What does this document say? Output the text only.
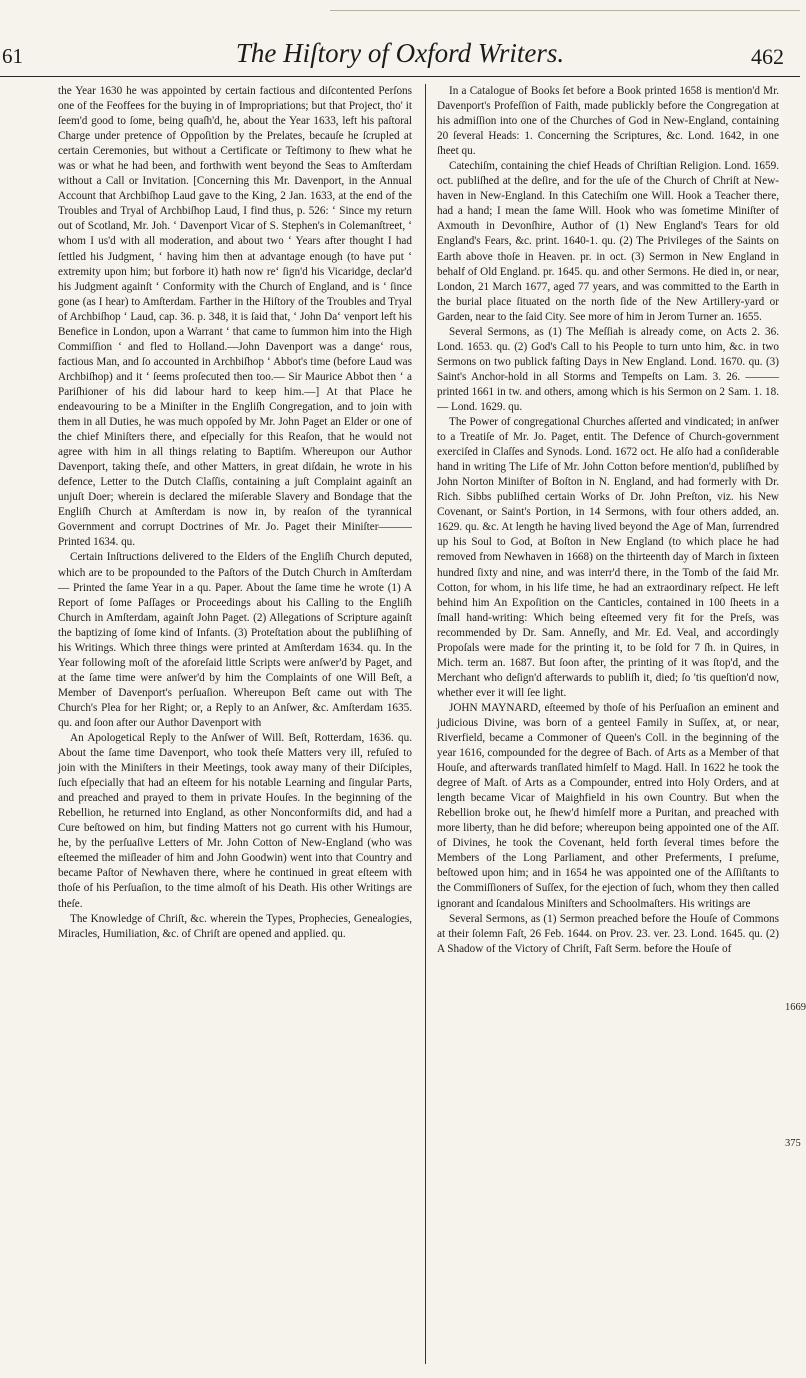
61	The Hiſtory of Oxford Writers.	462

the Year 1630 he was appointed by certain factious and diſcontented Perſons one of the Feoffees for the buying in of Impropriations; but that Project, tho' it ſeem'd good to ſome, being quaſh'd, he, about the Year 1633, left his paſtoral Charge under pretence of Oppoſition by the Prelates, becauſe he ſcrupled at certain Ceremonies, but without a Certificate or Teſtimony to ſhew what he was or what he had been, and forthwith went beyond the Seas to Amſterdam without a Call or Invitation. [Concerning this Mr. Davenport, in the Annual Account that Archbiſhop Laud gave to the King, 2 Jan. 1633, at the end of the Troubles and Tryal of Archbiſhop Laud, I find thus, p. 526: ‘ Since my return out of Scotland, Mr. Joh. ‘ Davenport Vicar of S. Stephen's in Colemanſtreet, ‘ whom I us'd with all moderation, and about two ‘ Years after thought I had ſettled his Judgment, ‘ having him then at advantage enough (to have put ‘ extremity upon him; but forbore it) hath now re‘ ſign'd his Vicaridge, declar'd his Judgment againſt ‘ Conformity with the Church of England, and is ‘ ſince gone (as I hear) to Amſterdam. Farther in the Hiſtory of the Troubles and Tryal of Archbiſhop ‘ Laud, cap. 36. p. 348, it is ſaid that, ‘ John Da‘ venport left his Benefice in London, upon a Warrant ‘ that came to ſummon him into the High Commiſſion ‘ and fled to Holland.—John Davenport was a dange‘ rous, factious Man, and ſo accounted in Archbiſhop ‘ Abbot's time (before Laud was Archbiſhop) and it ‘ ſeems proſecuted then too.— Sir Maurice Abbot then ‘ a Pariſhioner of his did labour hard to keep him.—] At that Place he endeavouring to be a Miniſter in the Engliſh Congregation, and to join with them in all Duties, he was much oppoſed by Mr. John Paget an Elder or one of the chief Miniſters there, and eſpecially for this Reaſon, that he would not agree with him in all things relating to Baptiſm. Whereupon our Author Davenport, taking theſe, and other Matters, in great diſdain, he wrote in his defence, Letter to the Dutch Claſſis, containing a juſt Complaint againſt an unjuſt Doer; wherein is declared the miſerable Slavery and Bondage that the Engliſh Church at Amſterdam is now in, by reaſon of the tyrannical Government and corrupt Doctrines of Mr. Jo. Paget their Miniſter———Printed 1634. qu.

Certain Inſtructions delivered to the Elders of the Engliſh Church deputed, which are to be propounded to the Paſtors of the Dutch Church in Amſterdam — Printed the ſame Year in a qu. Paper. About the ſame time he wrote (1) A Report of ſome Paſſages or Proceedings about his Calling to the Engliſh Church in Amſterdam, againſt John Paget. (2) Allegations of Scripture againſt the baptizing of ſome kind of Infants. (3) Proteſtation about the publiſhing of his Writings. Which three things were printed at Amſterdam 1634. qu. In the Year following moſt of the aforeſaid little Scripts were anſwer'd by Paget, and at the ſame time were anſwer'd by him the Complaints of one Will Beſt, a Member of Davenport's perſuaſion. Whereupon Beſt came out with The Church's Plea for her Right; or, a Reply to an Anſwer, &c. Amſterdam 1635. qu. and ſoon after our Author Davenport with

An Apologetical Reply to the Anſwer of Will. Beſt, Rotterdam, 1636. qu. About the ſame time Davenport, who took theſe Matters very ill, refuſed to join with the Miniſters in their Meetings, took away many of their Diſciples, ſuch eſpecially that had an eſteem for his notable Learning and ſingular Parts, and preached and prayed to them in private Houſes. In the beginning of the Rebellion, he returned into England, as other Nonconformiſts did, and had a Cure beſtowed on him, but finding Matters not go current with his Humour, he, by the perſuaſive Letters of Mr. John Cotton of New-England (who was eſteemed the miſleader of him and John Goodwin) went into that Country and became Paſtor of Newhaven there, where he continued in great eſteem with thoſe of his Perſuaſion, to the time almoſt of his Death. His other Writings are theſe.

The Knowledge of Chriſt, &c. wherein the Types, Prophecies, Genealogies, Miracles, Humiliation, &c. of Chriſt are opened and applied. qu.

In a Catalogue of Books ſet before a Book printed 1658 is mention'd Mr. Davenport's Profeſſion of Faith, made publickly before the Congregation at his admiſſion into one of the Churches of God in New-England, containing 20 ſeveral Heads: 1. Concerning the Scriptures, &c. Lond. 1642, in one ſheet qu.

Catechiſm, containing the chief Heads of Chriſtian Religion. Lond. 1659. oct. publiſhed at the deſire, and for the uſe of the Church of Chriſt at New-haven in New-England. In this Catechiſm one Will. Hook a Teacher there, had a hand; I mean the ſame Will. Hook who was ſometime Miniſter of Axmouth in Devonſhire, Author of (1) New England's Tears for old England's Fears, &c. print. 1640-1. qu. (2) The Privileges of the Saints on Earth above thoſe in Heaven. pr. in oct. (3) Sermon in New England in behalf of Old England. pr. 1645. qu. and other Sermons. He died in, or near, London, 21 March 1677, aged 77 years, and was committed to the Earth in the burial place ſituated on the north ſide of the New Artillery-yard or Garden, near to the ſaid City. See more of him in Jerom Turner an. 1655.

Several Sermons, as (1) The Meſſiah is already come, on Acts 2. 36. Lond. 1653. qu. (2) God's Call to his People to turn unto him, &c. in two Sermons on two publick faſting Days in New England. Lond. 1670. qu. (3) Saint's Anchor-hold in all Storms and Tempeſts on Lam. 3. 26. ——— printed 1661 in tw. and others, among which is his Sermon on 2 Sam. 1. 18. — Lond. 1629. qu.

The Power of congregational Churches aſſerted and vindicated; in anſwer to a Treatiſe of Mr. Jo. Paget, entit. The Defence of Church-government exerciſed in Claſſes and Synods. Lond. 1672 oct. He alſo had a conſiderable hand in writing The Life of Mr. John Cotton before mention'd, publiſhed by John Norton Miniſter of Boſton in N. England, and had formerly with Dr. Rich. Sibbs publiſhed certain Works of Dr. John Preſton, viz. his New Covenant, or Saint's Portion, in 14 Sermons, with four others added, an. 1629. qu. &c. At length he having lived beyond the Age of Man, ſurrendred up his Soul to God, at Boſton in New England (to which place he had removed from Newhaven in 1668) on the thirteenth day of March in ſixteen hundred ſixty and nine, and was interr'd there, in the Tomb of the ſaid Mr. Cotton, for whom, in his life time, he had an extraordinary reſpect. He left behind him An Expoſition on the Canticles, contained in 100 ſheets in a ſmall hand-writing: Which being eſteemed very fit for the Preſs, was recommended by Dr. Sam. Anneſly, and Mr. Ed. Veal, and accordingly Propoſals were made for the printing it, to be ſold for 7 ſh. in Quires, in Mich. term an. 1687. But ſoon after, the printing of it was ſtop'd, and the Merchant who deſign'd afterwards to publiſh it, died; ſo 'tis queſtion'd now, whether ever it will ſee light.

JOHN MAYNARD, eſteemed by thoſe of his Perſuaſion an eminent and judicious Divine, was born of a genteel Family in Suſſex, at, or near, Riverfield, became a Commoner of Queen's Coll. in the beginning of the year 1616, compounded for the degree of Bach. of Arts as a Member of that Houſe, and afterwards tranſlated himſelf to Magd. Hall. In 1622 he took the degree of Maſt. of Arts as a Compounder, entred into Holy Orders, and at length became Vicar of Maighfield in his own Country. But when the Rebellion broke out, he ſhew'd himſelf more a Puritan, and preached with more liberty, than he did before; whereupon being appointed one of the Aſſ. of Divines, he took the Covenant, held forth ſeveral times before the Members of the Long Parliament, and other Preferments, I preſume, beſtowed upon him; and in 1654 he was appointed one of the Aſſiſtants to the Commiſſioners of Suſſex, for the ejection of ſuch, whom they then called ignorant and ſcandalous Miniſters and Schoolmaſters. His writings are

Several Sermons, as (1) Sermon preached before the Houſe of Commons at their ſolemn Faſt, 26 Feb. 1644. on Prov. 23. ver. 23. Lond. 1645. qu. (2) A Shadow of the Victory of Chriſt, Faſt Serm. before the Houſe of

1669
375
